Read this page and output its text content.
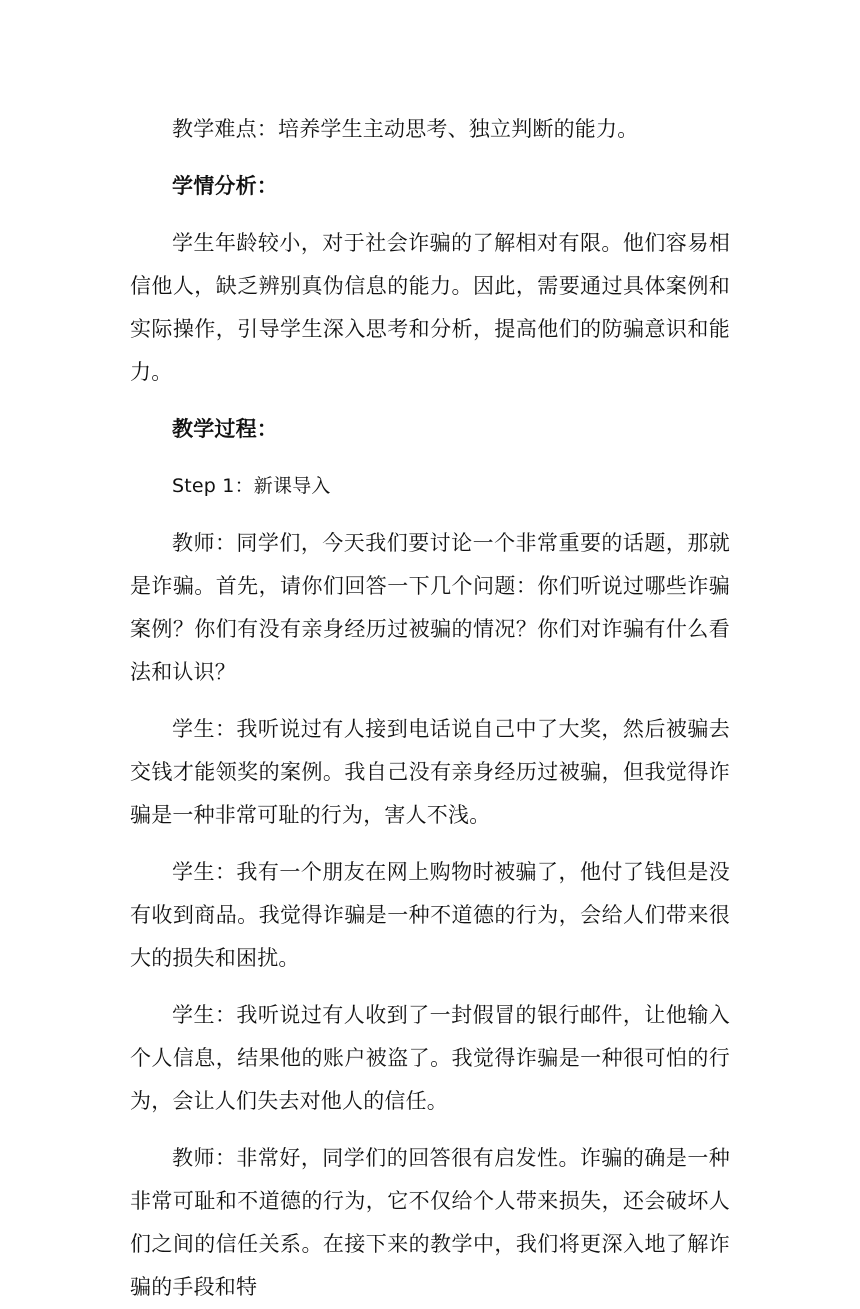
教学难点：培养学生主动思考、独立判断的能力。

学情分析：

学生年龄较小，对于社会诈骗的了解相对有限。他们容易相信他人，缺乏辨别真伪信息的能力。因此，需要通过具体案例和实际操作，引导学生深入思考和分析，提高他们的防骗意识和能力。

教学过程：

Step 1：新课导入

教师：同学们，今天我们要讨论一个非常重要的话题，那就是诈骗。首先，请你们回答一下几个问题：你们听说过哪些诈骗案例？你们有没有亲身经历过被骗的情况？你们对诈骗有什么看法和认识？

学生：我听说过有人接到电话说自己中了大奖，然后被骗去交钱才能领奖的案例。我自己没有亲身经历过被骗，但我觉得诈骗是一种非常可耻的行为，害人不浅。

学生：我有一个朋友在网上购物时被骗了，他付了钱但是没有收到商品。我觉得诈骗是一种不道德的行为，会给人们带来很大的损失和困扰。

学生：我听说过有人收到了一封假冒的银行邮件，让他输入个人信息，结果他的账户被盗了。我觉得诈骗是一种很可怕的行为，会让人们失去对他人的信任。

教师：非常好，同学们的回答很有启发性。诈骗的确是一种非常可耻和不道德的行为，它不仅给个人带来损失，还会破坏人们之间的信任关系。在接下来的教学中，我们将更深入地了解诈骗的手段和特
